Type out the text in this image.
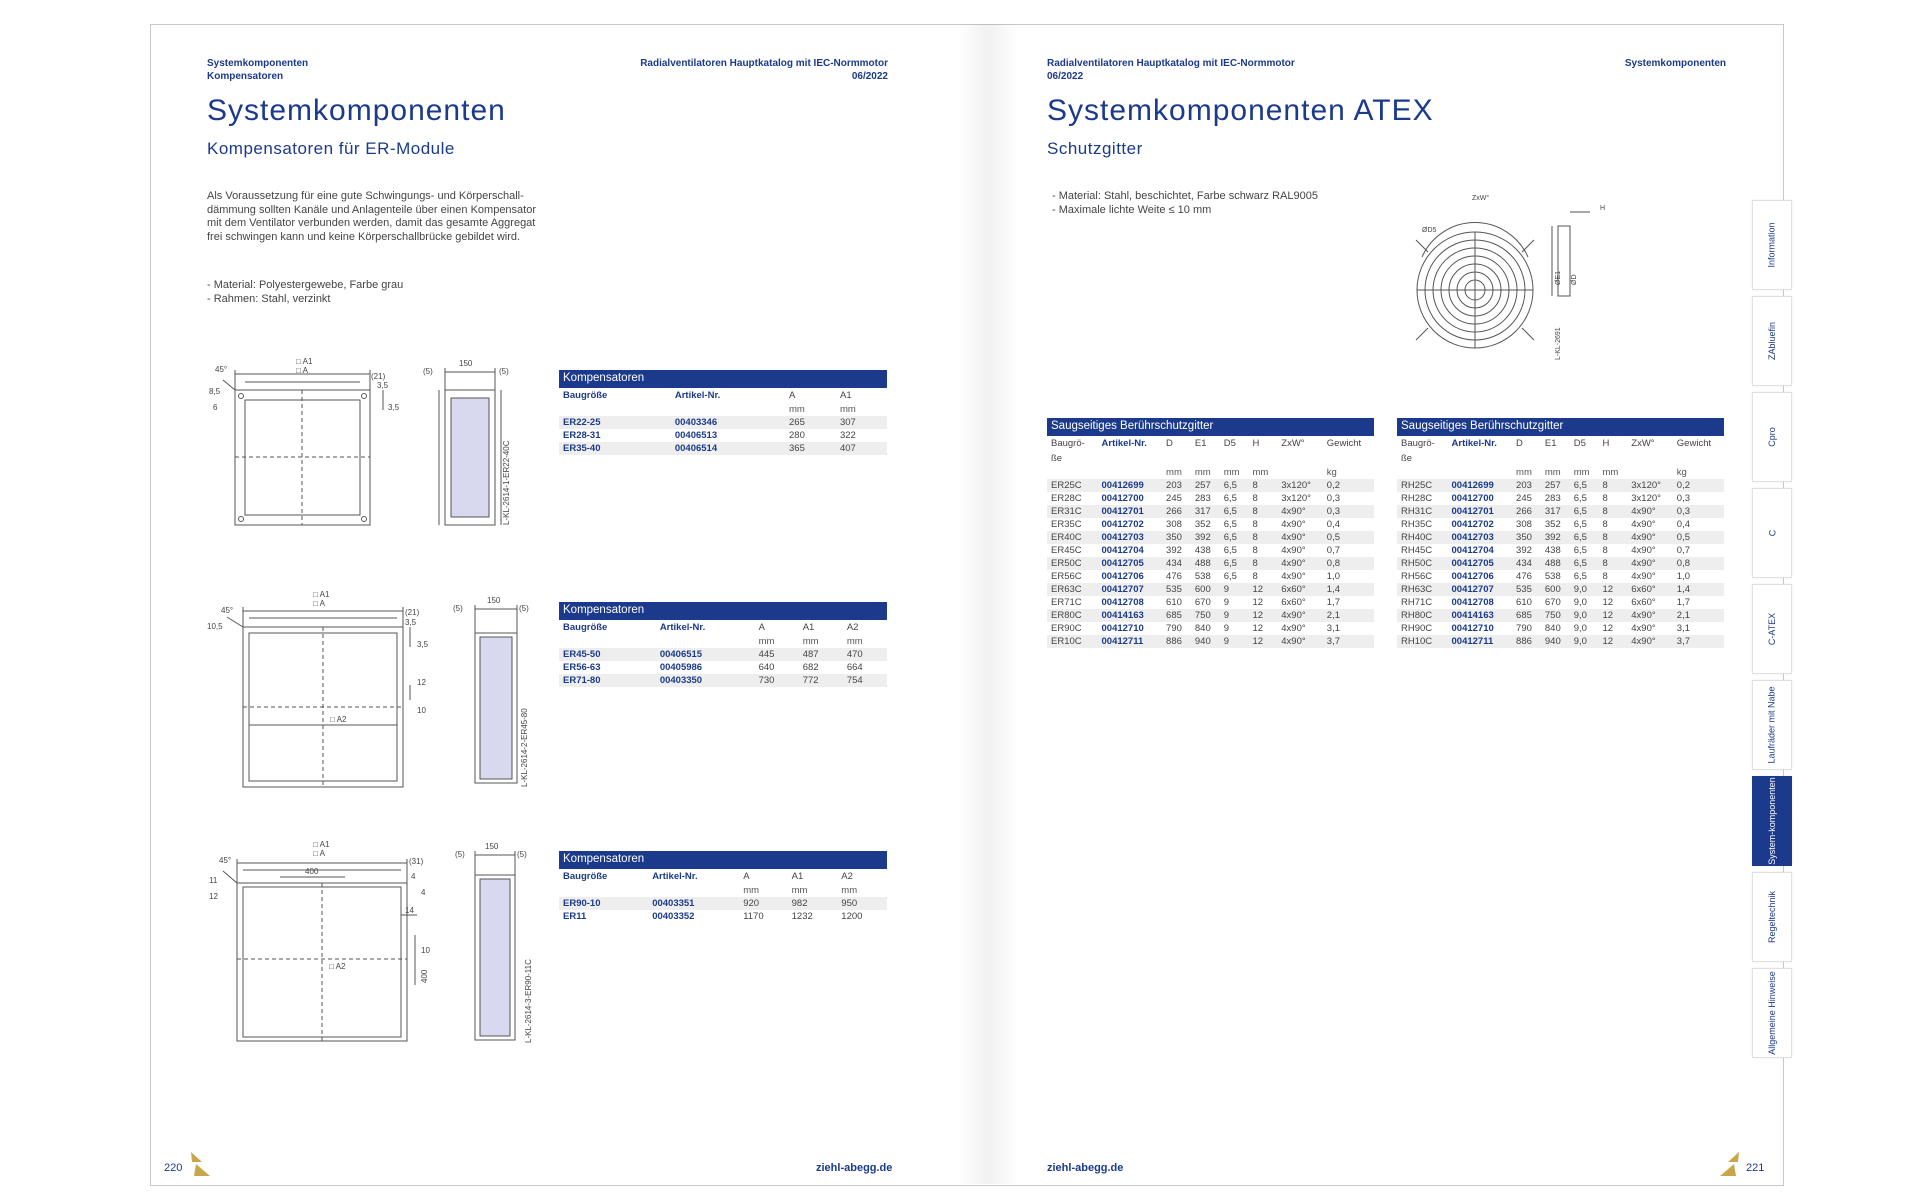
Systemkomponenten
Kompensatoren
Radialventilatoren Hauptkatalog mit IEC-Normmotor
06/2022
Systemkomponenten
Kompensatoren für ER-Module

Als Voraussetzung für eine gute Schwingungs- und Körperschall-

dämmung sollten Kanäle und Anlagenteile über einen Kompensator

mit dem Ventilator verbunden werden, damit das gesamte Aggregat

frei schwingen kann und keine Körperschallbrücke gebildet wird.

- Material: Polyestergewebe, Farbe grau

- Rahmen: Stahl, verzinkt

□ A1
□ A
45°
(21)
3,5
3,5
8,5
6
150
(5)	(5)
L-KL-2614-1-ER22-40C
□ A1
□ A
□ A2
45°	(21)
3,5
3,5
10,5
12
10
150
(5)	(5)
L-KL-2614-2-ER45-80
□ A1
□ A
400
□ A2
45°	(31)
4
4
11
12
14
10
400
150
(5)	(5)
L-KL-2614-3-ER90-11C
Kompensatoren
Baugröße	Artikel-Nr.	A	A1
		mm	mm
ER22-25	00403346	265	307
ER28-31	00406513	280	322
ER35-40	00406514	365	407
Kompensatoren
Baugröße	Artikel-Nr.	A	A1	A2
		mm	mm	mm
ER45-50	00406515	445	487	470
ER56-63	00405986	640	682	664
ER71-80	00403350	730	772	754
Kompensatoren
Baugröße	Artikel-Nr.	A	A1	A2
		mm	mm	mm
ER90-10	00403351	920	982	950
ER11	00403352	1170	1232	1200
220	ziehl-abegg.de
Radialventilatoren Hauptkatalog mit IEC-Normmotor
06/2022
Systemkomponenten
Systemkomponenten ATEX
Schutzgitter

- Material: Stahl, beschichtet, Farbe schwarz RAL9005

- Maximale lichte Weite ≤ 10 mm

ZxW°
ØD5
H
ØE1 ØD
L-KL-2691
Saugseitiges Berührschutzgitter
Baugrö-	Artikel-Nr.	D	E1	D5	H	ZxW°	Gewicht
ße							
		mm	mm	mm	mm		kg
ER25C	00412699	203	257	6,5	8	3x120°	0,2
ER28C	00412700	245	283	6,5	8	3x120°	0,3
ER31C	00412701	266	317	6,5	8	4x90°	0,3
ER35C	00412702	308	352	6,5	8	4x90°	0,4
ER40C	00412703	350	392	6,5	8	4x90°	0,5
ER45C	00412704	392	438	6,5	8	4x90°	0,7
ER50C	00412705	434	488	6,5	8	4x90°	0,8
ER56C	00412706	476	538	6,5	8	4x90°	1,0
ER63C	00412707	535	600	9	12	6x60°	1,4
ER71C	00412708	610	670	9	12	6x60°	1,7
ER80C	00414163	685	750	9	12	4x90°	2,1
ER90C	00412710	790	840	9	12	4x90°	3,1
ER10C	00412711	886	940	9	12	4x90°	3,7
Saugseitiges Berührschutzgitter
Baugrö-	Artikel-Nr.	D	E1	D5	H	ZxW°	Gewicht
ße							
		mm	mm	mm	mm		kg
RH25C	00412699	203	257	6,5	8	3x120°	0,2
RH28C	00412700	245	283	6,5	8	3x120°	0,3
RH31C	00412701	266	317	6,5	8	4x90°	0,3
RH35C	00412702	308	352	6,5	8	4x90°	0,4
RH40C	00412703	350	392	6,5	8	4x90°	0,5
RH45C	00412704	392	438	6,5	8	4x90°	0,7
RH50C	00412705	434	488	6,5	8	4x90°	0,8
RH56C	00412706	476	538	6,5	8	4x90°	1,0
RH63C	00412707	535	600	9,0	12	6x60°	1,4
RH71C	00412708	610	670	9,0	12	6x60°	1,7
RH80C	00414163	685	750	9,0	12	4x90°	2,1
RH90C	00412710	790	840	9,0	12	4x90°	3,1
RH10C	00412711	886	940	9,0	12	4x90°	3,7
ziehl-abegg.de	221
Information
ZAbluefin
Cpro
C
C-ATEX
Laufräder mit Nabe
System-komponenten
Regeltechnik
Allgemeine Hinweise
